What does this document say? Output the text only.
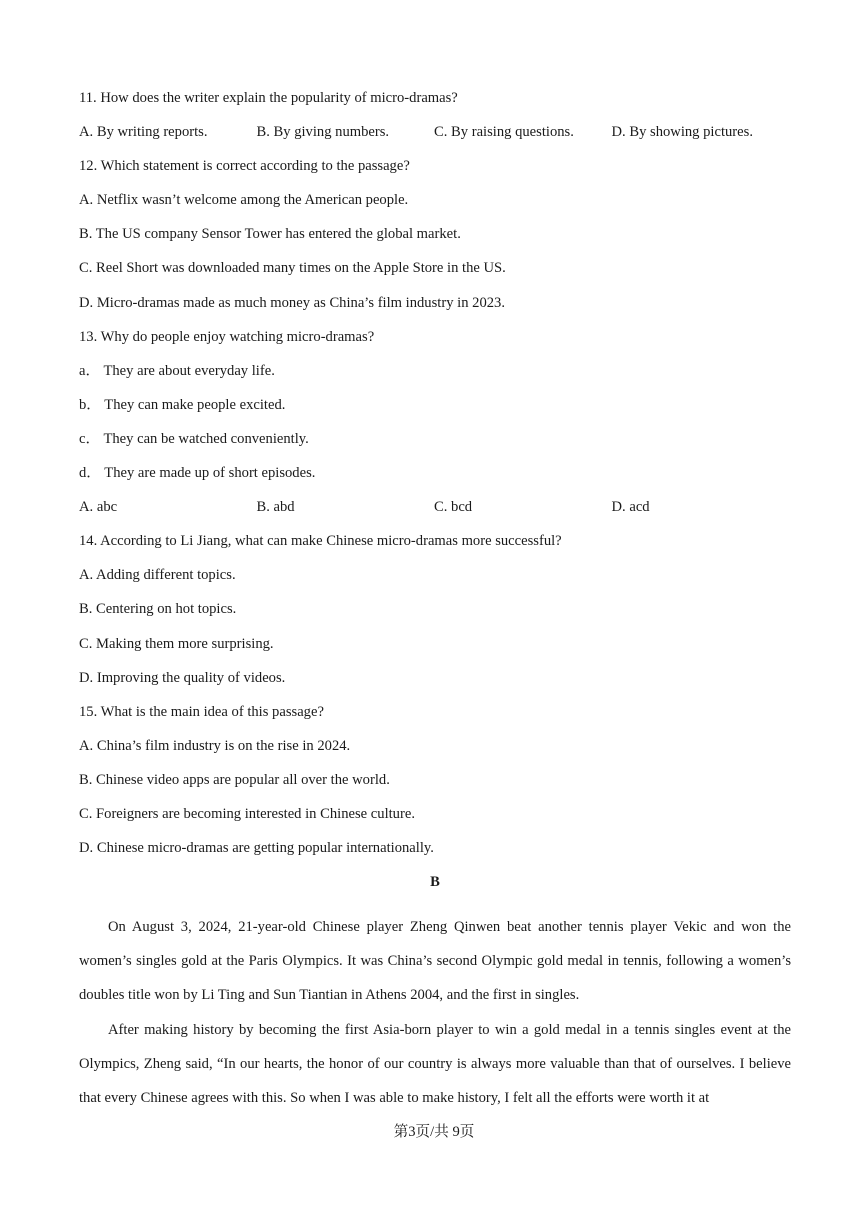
11. How does the writer explain the popularity of micro-dramas?
A. By writing reports.	B. By giving numbers.	C. By raising questions.	D. By showing pictures.
12. Which statement is correct according to the passage?
A. Netflix wasn’t welcome among the American people.
B. The US company Sensor Tower has entered the global market.
C. Reel Short was downloaded many times on the Apple Store in the US.
D. Micro-dramas made as much money as China’s film industry in 2023.
13. Why do people enjoy watching micro-dramas?
a． They are about everyday life.
b． They can make people excited.
c． They can be watched conveniently.
d． They are made up of short episodes.
A. abc	B. abd	C. bcd	D. acd
14. According to Li Jiang, what can make Chinese micro-dramas more successful?
A. Adding different topics.
B. Centering on hot topics.
C. Making them more surprising.
D. Improving the quality of videos.
15. What is the main idea of this passage?
A. China’s film industry is on the rise in 2024.
B. Chinese video apps are popular all over the world.
C. Foreigners are becoming interested in Chinese culture.
D. Chinese micro-dramas are getting popular internationally.
B
On August 3, 2024, 21-year-old Chinese player Zheng Qinwen beat another tennis player Vekic and won the women’s singles gold at the Paris Olympics. It was China’s second Olympic gold medal in tennis, following a women’s doubles title won by Li Ting and Sun Tiantian in Athens 2004, and the first in singles.
After making history by becoming the first Asia-born player to win a gold medal in a tennis singles event at the Olympics, Zheng said, “In our hearts, the honor of our country is always more valuable than that of ourselves. I believe that every Chinese agrees with this. So when I was able to make history, I felt all the efforts were worth it at
第3页/共 9页
